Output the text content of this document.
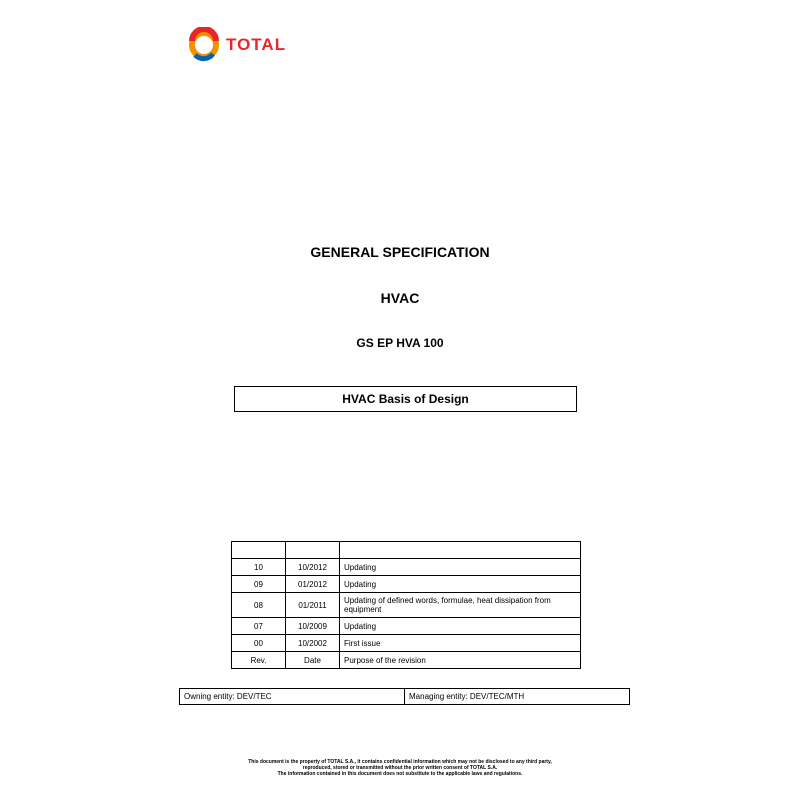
TOTAL
GENERAL SPECIFICATION
HVAC
GS EP HVA 100
HVAC Basis of Design

10	10/2012	Updating
09	01/2012	Updating
08	01/2011	Updating of defined words, formulae, heat dissipation from equipment
07	10/2009	Updating
00	10/2002	First issue
Rev.	Date	Purpose of the revision
Owning entity: DEV/TEC	Managing entity: DEV/TEC/MTH
This document is the property of TOTAL S.A., it contains confidential information which may not be disclosed to any third party,
reproduced, stored or transmitted without the prior written consent of TOTAL S.A.
The information contained in this document does not substitute to the applicable laws and regulations.
